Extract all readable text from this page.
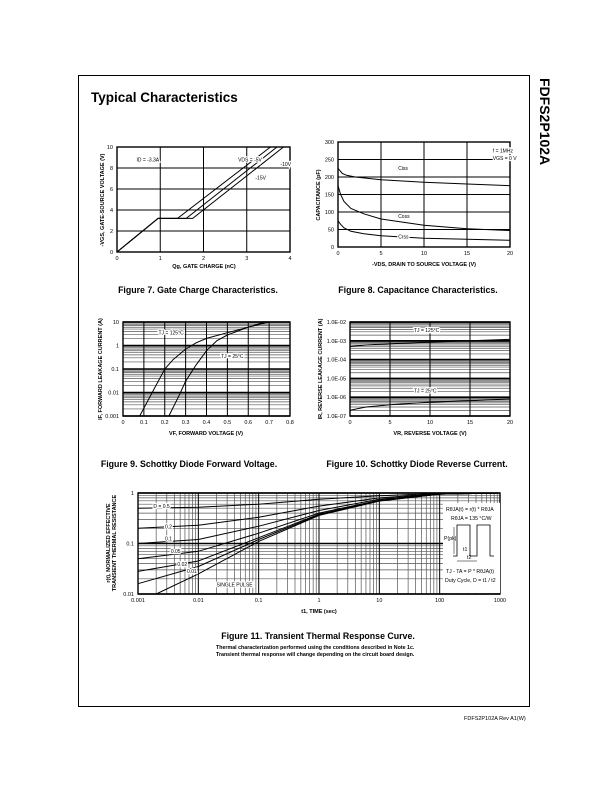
FDFS2P102A
Typical Characteristics
0	1	2	3	4
0
2
4
6
8
10
ID = -3.3A	VDS = -5V
-10V
-15V
-VGS, GATE-SOURCE VOLTAGE (V)
Qg, GATE CHARGE (nC)
Figure 7. Gate Charge Characteristics.
0	5	10	15	20
0
50
100
150
200
250
300
f = 1MHz
VGS = 0 V
Ciss
Coss
Crss
CAPACITANCE (pF)
-VDS, DRAIN TO SOURCE VOLTAGE (V)
Figure 8. Capacitance Characteristics.
0	0.1 0.2 0.3 0.4 0.5 0.6 0.7 0.8
0.001
0.01
0.1
1
10
TJ = 125°C
TJ = 25°C
IF, FORWARD LEAKAGE CURRENT (A)
VF, FORWARD VOLTAGE (V)
Figure 9. Schottky Diode Forward Voltage.
0	5	10	15	20
1.0E-07
1.0E-06
1.0E-05
1.0E-04
1.0E-03
1.0E-02
TJ = 125°C
TJ = 25°C
IR, REVERSE LEAKAGE CURRENT (A)
VR, REVERSE VOLTAGE (V)
Figure 10. Schottky Diode Reverse Current.
0.001	0.01	0.1	1	10	100	1000
0.01
0.1
1
D = 0.5
0.2
0.1
0.05
0.02
0.01
SINGLE PULSE
r(t), NORMALIZED EFFECTIVE TRANSIENT THERMAL RESISTANCE
t1, TIME (sec)
Figure 11. Transient Thermal Response Curve.
Thermal characterization performed using the conditions described in Note 1c.
Transient thermal response will change depending on the circuit board design.
RθJA(t) = r(t) * RθJA
RθJA = 135 °C/W
P(pk)
t1
t2
TJ - TA = P * RθJA(t)
Duty Cycle, D = t1 / t2
FDFS2P102A Rev A1(W)
